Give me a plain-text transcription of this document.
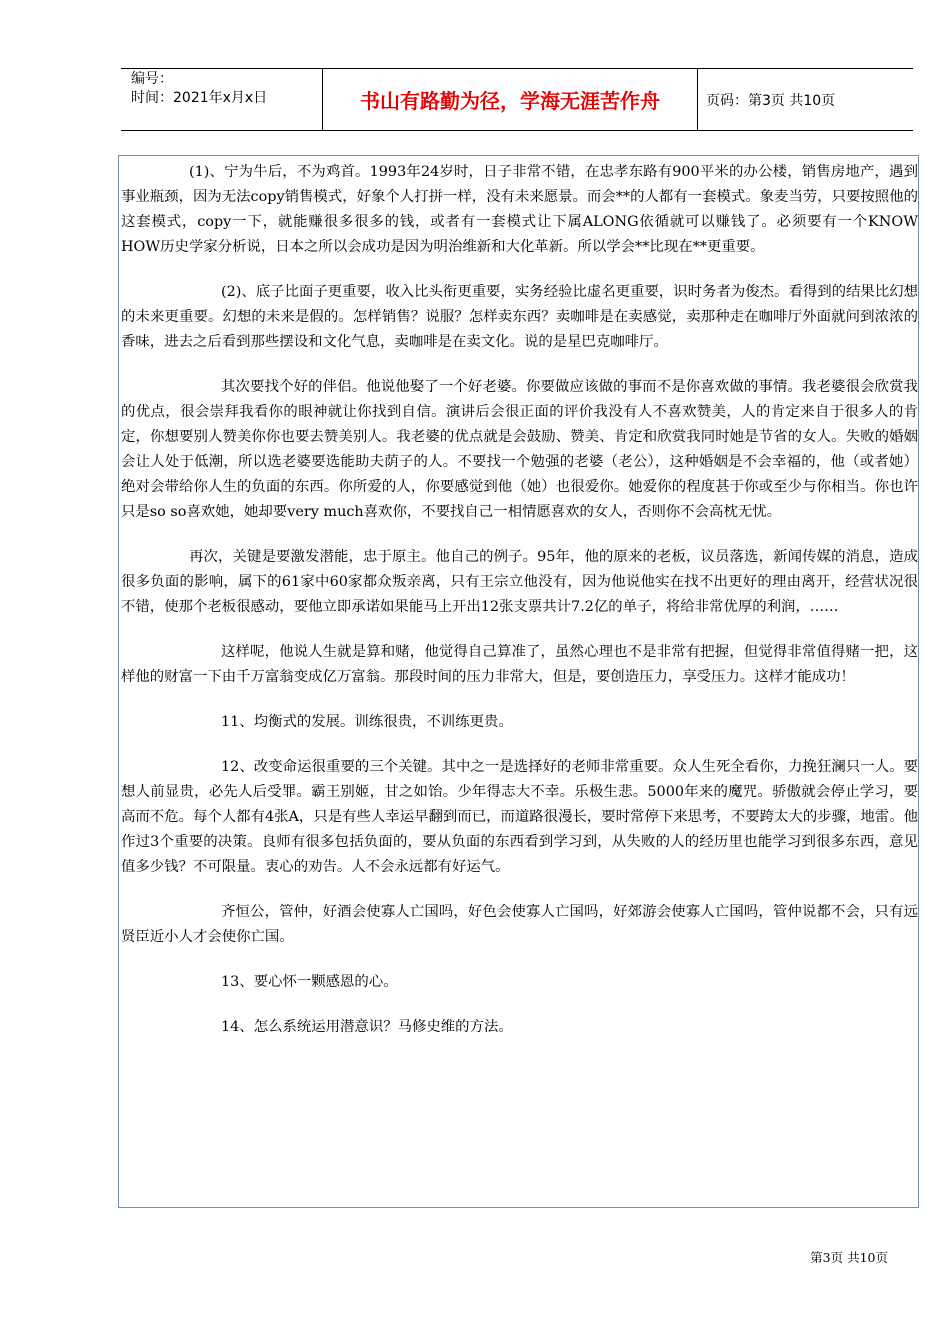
编号：
时间：2021年x月x日	书山有路勤为径，学海无涯苦作舟	页码：第3页 共10页

(1)、宁为牛后，不为鸡首。1993年24岁时，日子非常不错，在忠孝东路有900平米的办公楼，销售房地产，遇到事业瓶颈，因为无法copy销售模式，好象个人打拼一样，没有未来愿景。而会**的人都有一套模式。象麦当劳，只要按照他的这套模式，copy一下，就能赚很多很多的钱，或者有一套模式让下属ALONG依循就可以赚钱了。必须要有一个KNOW HOW历史学家分析说，日本之所以会成功是因为明治维新和大化革新。所以学会**比现在**更重要。

(2)、底子比面子更重要，收入比头衔更重要，实务经验比虚名更重要，识时务者为俊杰。看得到的结果比幻想的未来更重要。幻想的未来是假的。怎样销售？说服？怎样卖东西？卖咖啡是在卖感觉，卖那种走在咖啡厅外面就问到浓浓的香味，进去之后看到那些摆设和文化气息，卖咖啡是在卖文化。说的是星巴克咖啡厅。

其次要找个好的伴侣。他说他娶了一个好老婆。你要做应该做的事而不是你喜欢做的事情。我老婆很会欣赏我的优点，很会崇拜我看你的眼神就让你找到自信。演讲后会很正面的评价我没有人不喜欢赞美，人的肯定来自于很多人的肯定，你想要别人赞美你你也要去赞美别人。我老婆的优点就是会鼓励、赞美、肯定和欣赏我同时她是节省的女人。失败的婚姻会让人处于低潮，所以选老婆要选能助夫荫子的人。不要找一个勉强的老婆（老公），这种婚姻是不会幸福的，他（或者她）绝对会带给你人生的负面的东西。你所爱的人，你要感觉到他（她）也很爱你。她爱你的程度甚于你或至少与你相当。你也许只是so so喜欢她，她却要very much喜欢你，不要找自己一相情愿喜欢的女人，否则你不会高枕无忧。

再次，关键是要激发潜能，忠于原主。他自己的例子。95年，他的原来的老板，议员落选，新闻传媒的消息，造成很多负面的影响，属下的61家中60家都众叛亲离，只有王宗立他没有，因为他说他实在找不出更好的理由离开，经营状况很不错，使那个老板很感动，要他立即承诺如果能马上开出12张支票共计7.2亿的单子，将给非常优厚的利润，……

这样呢，他说人生就是算和赌，他觉得自己算准了，虽然心理也不是非常有把握，但觉得非常值得赌一把，这样他的财富一下由千万富翁变成亿万富翁。那段时间的压力非常大，但是，要创造压力，享受压力。这样才能成功！

11、均衡式的发展。训练很贵，不训练更贵。

12、改变命运很重要的三个关键。其中之一是选择好的老师非常重要。众人生死全看你，力挽狂澜只一人。要想人前显贵，必先人后受罪。霸王别姬，甘之如饴。少年得志大不幸。乐极生悲。5000年来的魔咒。骄傲就会停止学习，要高而不危。每个人都有4张A，只是有些人幸运早翻到而已，而道路很漫长，要时常停下来思考，不要跨太大的步骤，地雷。他作过3个重要的决策。良师有很多包括负面的，要从负面的东西看到学习到，从失败的人的经历里也能学习到很多东西，意见值多少钱？不可限量。衷心的劝告。人不会永远都有好运气。

齐恒公，管仲，好酒会使寡人亡国吗，好色会使寡人亡国吗，好郊游会使寡人亡国吗，管仲说都不会，只有远贤臣近小人才会使你亡国。

13、要心怀一颗感恩的心。

14、怎么系统运用潜意识？马修史维的方法。

第3页 共10页
